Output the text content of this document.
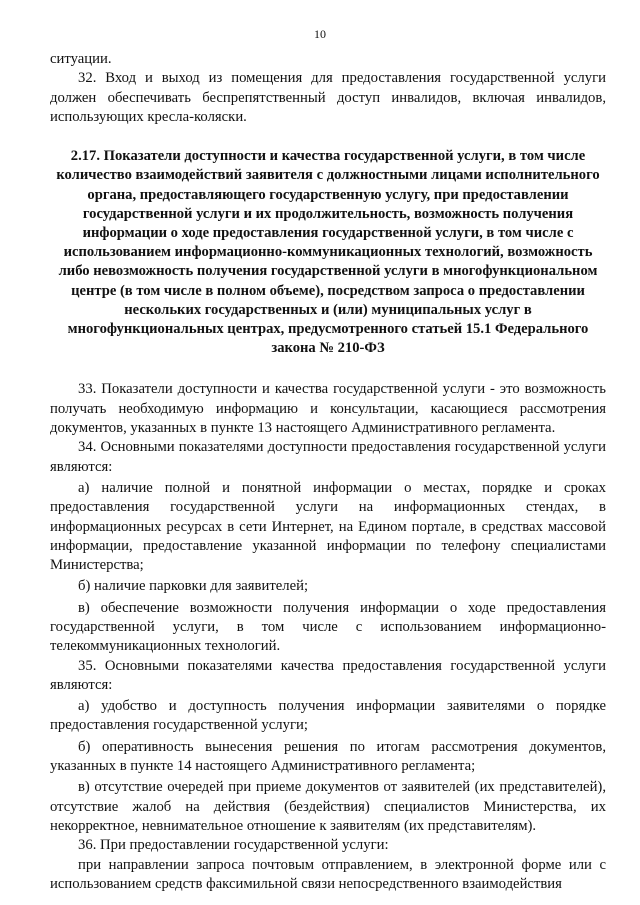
10

ситуации.

32. Вход и выход из помещения для предоставления государственной услуги должен обеспечивать беспрепятственный доступ инвалидов, включая инвалидов, использующих кресла-коляски.

2.17. Показатели доступности и качества государственной услуги, в том числе количество взаимодействий заявителя с должностными лицами исполнительного органа, предоставляющего государственную услугу, при предоставлении государственной услуги и их продолжительность, возможность получения информации о ходе предоставления государственной услуги, в том числе с использованием информационно-коммуникационных технологий, возможность либо невозможность получения государственной услуги в многофункциональном центре (в том числе в полном объеме), посредством запроса о предоставлении нескольких государственных и (или) муниципальных услуг в многофункциональных центрах, предусмотренного статьей 15.1 Федерального закона № 210-ФЗ

33. Показатели доступности и качества государственной услуги - это возможность получать необходимую информацию и консультации, касающиеся рассмотрения документов, указанных в пункте 13 настоящего Административного регламента.

34. Основными показателями доступности предоставления государственной услуги являются:

а) наличие полной и понятной информации о местах, порядке и сроках предоставления государственной услуги на информационных стендах, в информационных ресурсах в сети Интернет, на Едином портале, в средствах массовой информации, предоставление указанной информации по телефону специалистами Министерства;

б) наличие парковки для заявителей;

в) обеспечение возможности получения информации о ходе предоставления государственной услуги, в том числе с использованием информационно-телекоммуникационных технологий.

35. Основными показателями качества предоставления государственной услуги являются:

а) удобство и доступность получения информации заявителями о порядке предоставления государственной услуги;

б) оперативность вынесения решения по итогам рассмотрения документов, указанных в пункте 14 настоящего Административного регламента;

в) отсутствие очередей при приеме документов от заявителей (их представителей), отсутствие жалоб на действия (бездействия) специалистов Министерства, их некорректное, невнимательное отношение к заявителям (их представителям).

36. При предоставлении государственной услуги:

при направлении запроса почтовым отправлением, в электронной форме или с использованием средств факсимильной связи непосредственного взаимодействия
